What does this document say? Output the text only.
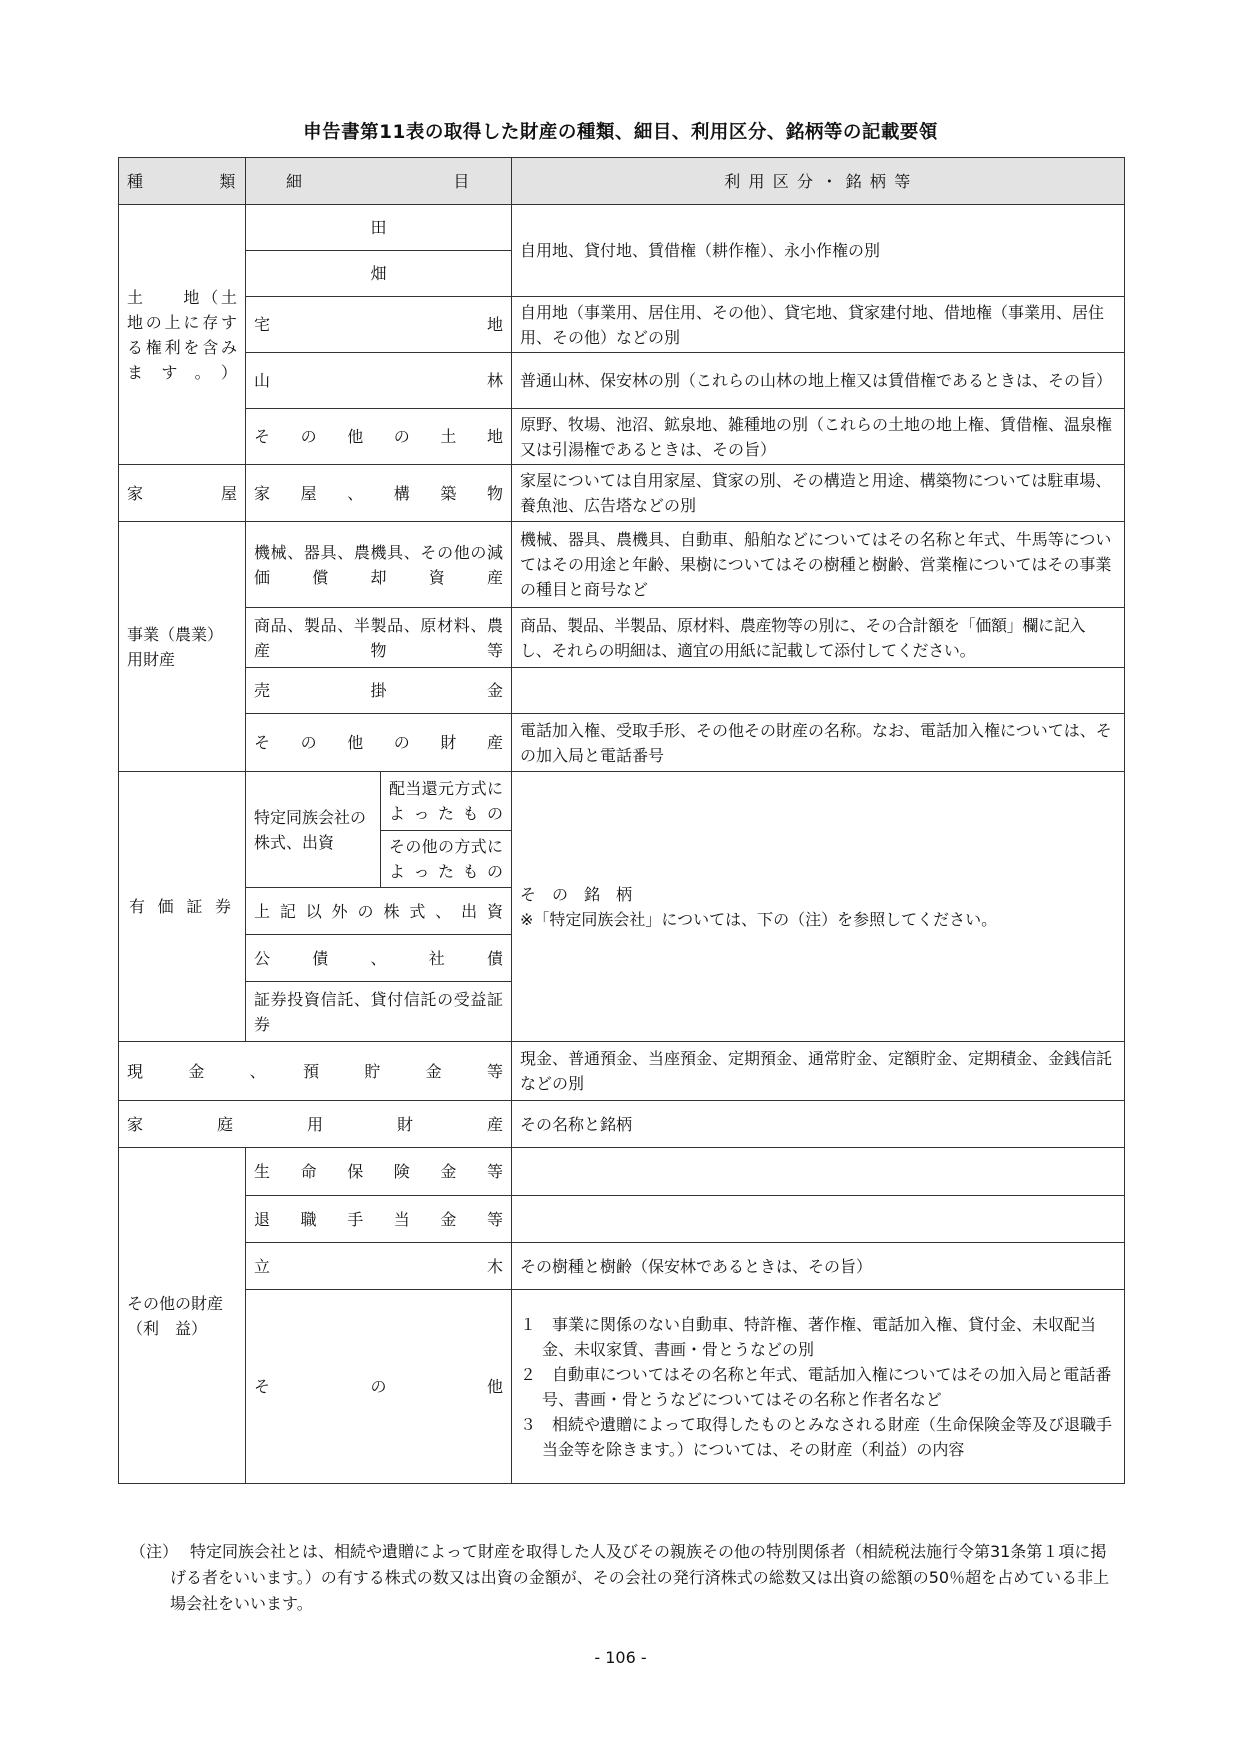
申告書第11表の取得した財産の種類、細目、利用区分、銘柄等の記載要領
種　　類	細　　　　目		利 用 区 分 ・ 銘 柄 等
土　　地（土地の上に存する権利を含みます。）	田		自用地、貸付地、賃借権（耕作権）、永小作権の別
	畑		
	宅　　　地		自用地（事業用、居住用、その他）、貸宅地、貸家建付地、借地権（事業用、居住用、その他）などの別
	山　　　林		普通山林、保安林の別（これらの山林の地上権又は賃借権であるときは、その旨）
	そ の 他 の 土 地		原野、牧場、池沼、鉱泉地、雑種地の別（これらの土地の地上権、賃借権、温泉権又は引湯権であるときは、その旨）

家　　屋	家 屋 、 構 築 物		家屋については自用家屋、貸家の別、その構造と用途、構築物については駐車場、養魚池、広告塔などの別
事業（農業）用財産	機械、器具、農機具、その他の減価償却資産		機械、器具、農機具、自動車、船舶などについてはその名称と年式、牛馬等についてはその用途と年齢、果樹についてはその樹種と樹齢、営業権についてはその事業の種目と商号など
	商品、製品、半製品、原材料、農産物等		商品、製品、半製品、原材料、農産物等の別に、その合計額を「価額」欄に記入し、それらの明細は、適宜の用紙に記載して添付してください。
	売　　掛　　金		
	そ の 他 の 財 産		電話加入権、受取手形、その他その財産の名称。なお、電話加入権については、その加入局と電話番号
有 価 証 券	特定同族会社の株式、出資	配当還元方式によったもの	そ　の　銘　柄
※「特定同族会社」については、下の（注）を参照してください。

		その他の方式によったもの	
	上記以外の株式、出資		
	公 債 、 社 債		
	証券投資信託、貸付信託の受益証券		
現　金　、　預　貯　金　等			現金、普通預金、当座預金、定期預金、通常貯金、定額貯金、定期積金、金銭信託などの別
家　庭　用　財　産			その名称と銘柄
その他の財産（利　益）	生 命 保 険 金 等		
	退 職 手 当 金 等		
	立　　　木		その樹種と樹齢（保安林であるときは、その旨）
	そ　　の　　他		１　事業に関係のない自動車、特許権、著作権、電話加入権、貸付金、未収配当金、未収家賃、書画・骨とうなどの別
２　自動車についてはその名称と年式、電話加入権についてはその加入局と電話番号、書画・骨とうなどについてはその名称と作者名など
３　相続や遺贈によって取得したものとみなされる財産（生命保険金等及び退職手当金等を除きます。）については、その財産（利益）の内容
（注） 特定同族会社とは、相続や遺贈によって財産を取得した人及びその親族その他の特別関係者（相続税法施行令第31条第１項に掲げる者をいいます。）の有する株式の数又は出資の金額が、その会社の発行済株式の総数又は出資の総額の50％超を占めている非上場会社をいいます。
- 106 -
